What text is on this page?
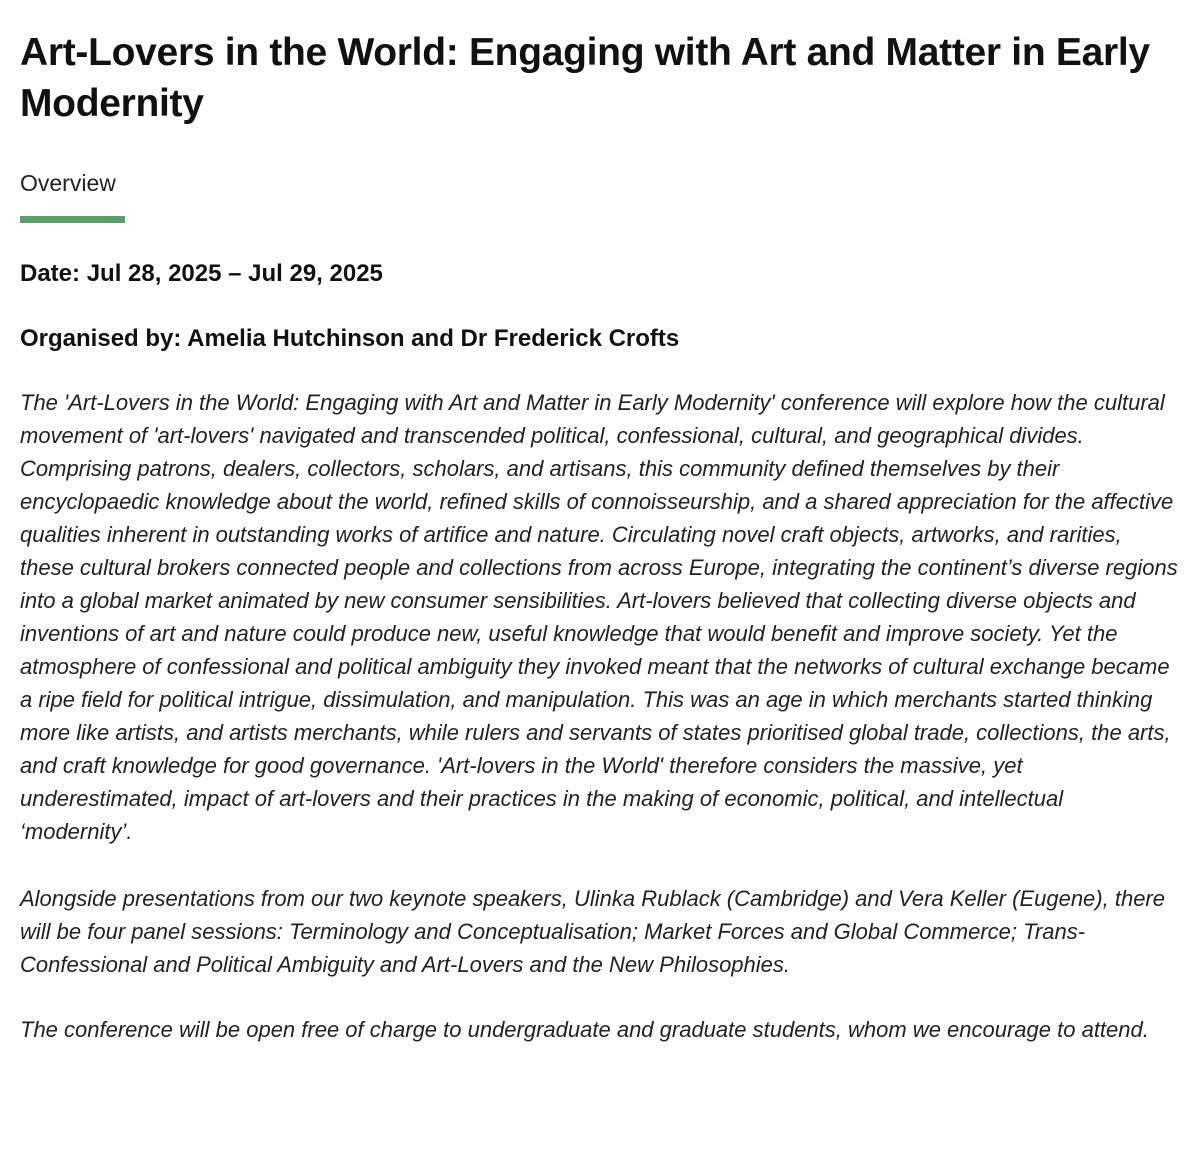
Art-Lovers in the World: Engaging with Art and Matter in Early Modernity
Overview

Date: Jul 28, 2025 – Jul 29, 2025

Organised by: Amelia Hutchinson and Dr Frederick Crofts

The 'Art-Lovers in the World: Engaging with Art and Matter in Early Modernity' conference will explore how the cultural movement of 'art-lovers' navigated and transcended political, confessional, cultural, and geographical divides. Comprising patrons, dealers, collectors, scholars, and artisans, this community defined themselves by their encyclopaedic knowledge about the world, refined skills of connoisseurship, and a shared appreciation for the affective qualities inherent in outstanding works of artifice and nature. Circulating novel craft objects, artworks, and rarities, these cultural brokers connected people and collections from across Europe, integrating the continent’s diverse regions into a global market animated by new consumer sensibilities. Art-lovers believed that collecting diverse objects and inventions of art and nature could produce new, useful knowledge that would benefit and improve society. Yet the atmosphere of confessional and political ambiguity they invoked meant that the networks of cultural exchange became a ripe field for political intrigue, dissimulation, and manipulation. This was an age in which merchants started thinking more like artists, and artists merchants, while rulers and servants of states prioritised global trade, collections, the arts, and craft knowledge for good governance. 'Art-lovers in the World' therefore considers the massive, yet underestimated, impact of art-lovers and their practices in the making of economic, political, and intellectual ‘modernity’.

Alongside presentations from our two keynote speakers, Ulinka Rublack (Cambridge) and Vera Keller (Eugene), there will be four panel sessions: Terminology and Conceptualisation; Market Forces and Global Commerce; Trans-Confessional and Political Ambiguity and Art-Lovers and the New Philosophies.

The conference will be open free of charge to undergraduate and graduate students, whom we encourage to attend.
